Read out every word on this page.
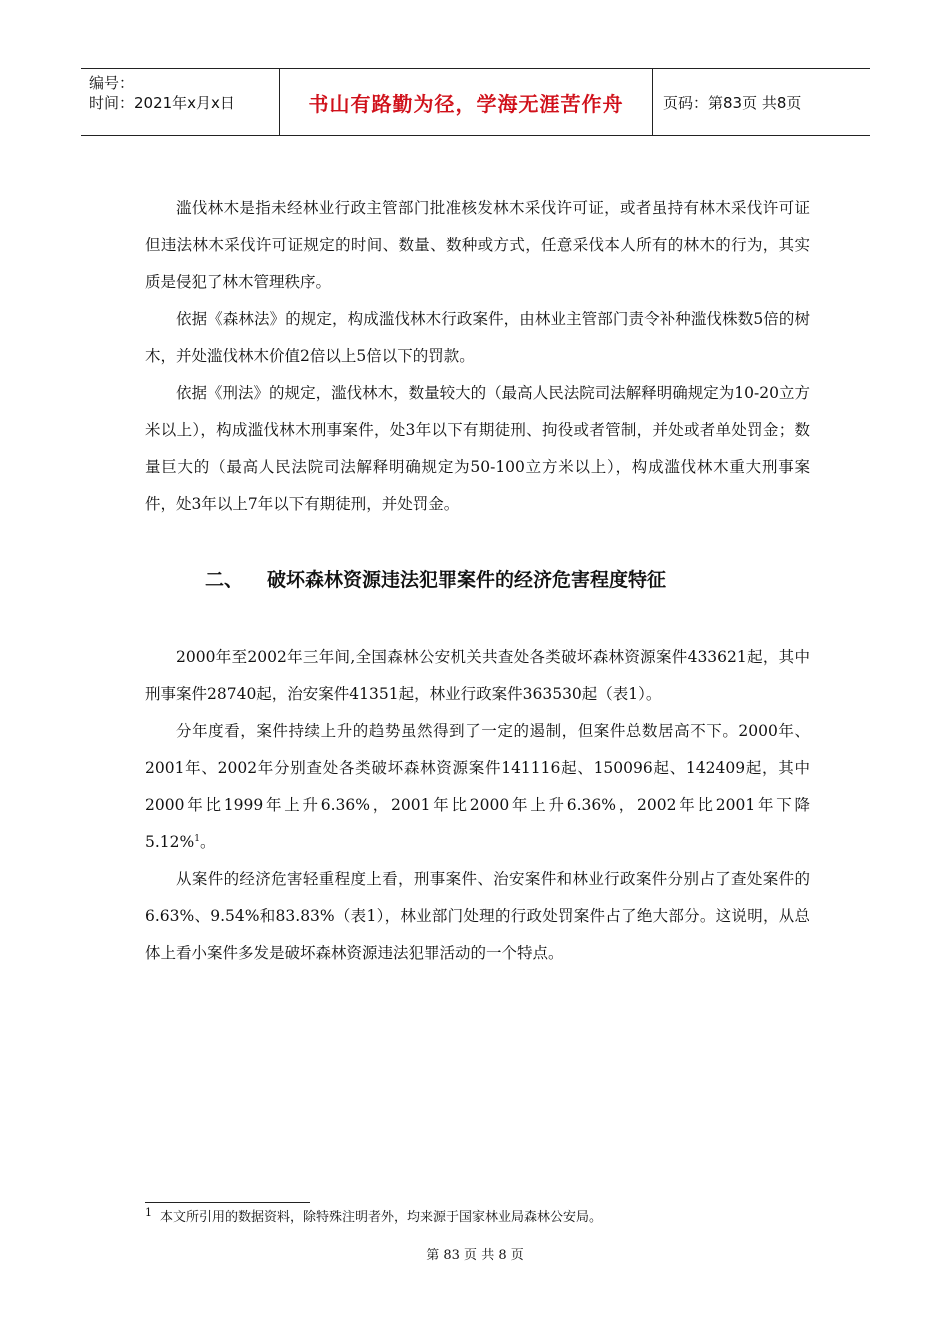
编号：
时间：2021年x月x日	书山有路勤为径，学海无涯苦作舟	页码：第83页 共8页

滥伐林木是指未经林业行政主管部门批准核发林木采伐许可证，或者虽持有林木采伐许可证但违法林木采伐许可证规定的时间、数量、数种或方式，任意采伐本人所有的林木的行为，其实质是侵犯了林木管理秩序。

依据《森林法》的规定，构成滥伐林木行政案件，由林业主管部门责令补种滥伐株数5倍的树木，并处滥伐林木价值2倍以上5倍以下的罚款。

依据《刑法》的规定，滥伐林木，数量较大的（最高人民法院司法解释明确规定为10-20立方米以上），构成滥伐林木刑事案件，处3年以下有期徒刑、拘役或者管制，并处或者单处罚金；数量巨大的（最高人民法院司法解释明确规定为50-100立方米以上），构成滥伐林木重大刑事案件，处3年以上7年以下有期徒刑，并处罚金。

二、 破坏森林资源违法犯罪案件的经济危害程度特征

2000年至2002年三年间,全国森林公安机关共查处各类破坏森林资源案件433621起，其中刑事案件28740起，治安案件41351起，林业行政案件363530起（表1）。

分年度看，案件持续上升的趋势虽然得到了一定的遏制，但案件总数居高不下。2000年、2001年、2002年分别查处各类破坏森林资源案件141116起、150096起、142409起，其中2000年比1999年上升6.36%，2001年比2000年上升6.36%，2002年比2001年下降5.12%$^1$。

从案件的经济危害轻重程度上看，刑事案件、治安案件和林业行政案件分别占了查处案件的6.63%、9.54%和83.83%（表1），林业部门处理的行政处罚案件占了绝大部分。这说明，从总体上看小案件多发是破坏森林资源违法犯罪活动的一个特点。

$^1$ 本文所引用的数据资料，除特殊注明者外，均来源于国家林业局森林公安局。
第 83 页 共 8 页
